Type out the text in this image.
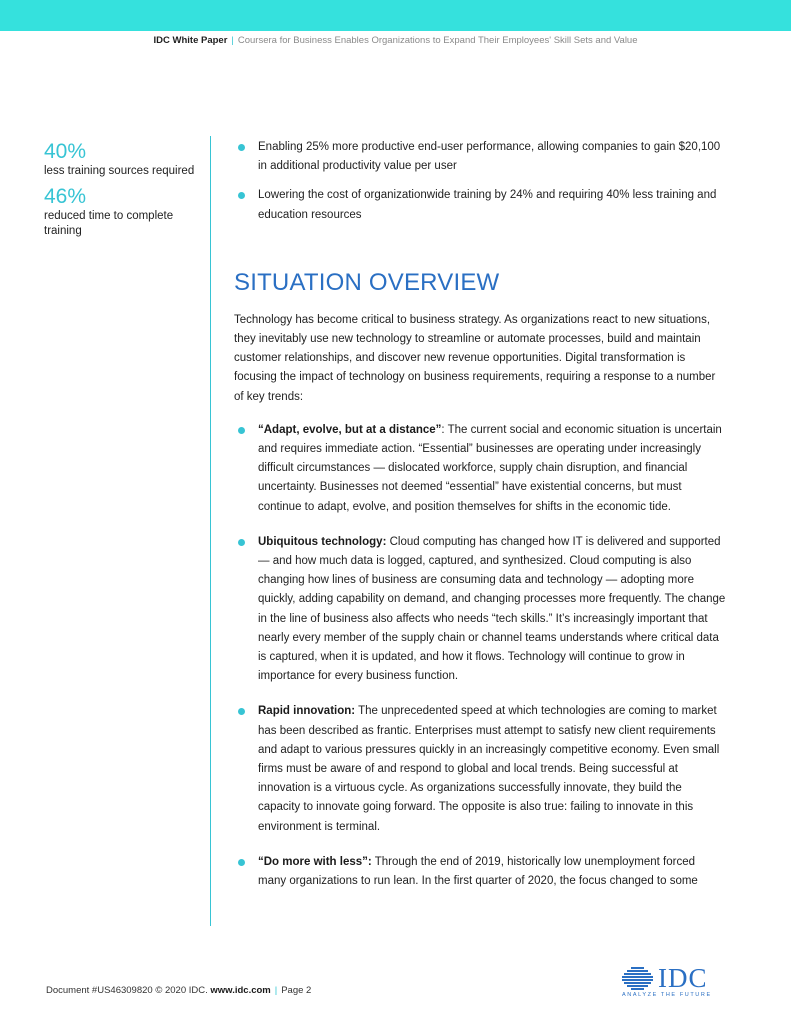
IDC White Paper | Coursera for Business Enables Organizations to Expand Their Employees' Skill Sets and Value
40%
less training sources required
46%
reduced time to complete training
Enabling 25% more productive end-user performance, allowing companies to gain $20,100 in additional productivity value per user
Lowering the cost of organizationwide training by 24% and requiring 40% less training and education resources
SITUATION OVERVIEW

Technology has become critical to business strategy. As organizations react to new situations, they inevitably use new technology to streamline or automate processes, build and maintain customer relationships, and discover new revenue opportunities. Digital transformation is focusing the impact of technology on business requirements, requiring a response to a number of key trends:

“Adapt, evolve, but at a distance”: The current social and economic situation is uncertain and requires immediate action. “Essential” businesses are operating under increasingly difficult circumstances — dislocated workforce, supply chain disruption, and financial uncertainty. Businesses not deemed “essential” have existential concerns, but must continue to adapt, evolve, and position themselves for shifts in the economic tide.
Ubiquitous technology: Cloud computing has changed how IT is delivered and supported — and how much data is logged, captured, and synthesized. Cloud computing is also changing how lines of business are consuming data and technology — adopting more quickly, adding capability on demand, and changing processes more frequently. The change in the line of business also affects who needs “tech skills.” It’s increasingly important that nearly every member of the supply chain or channel teams understands where critical data is captured, when it is updated, and how it flows. Technology will continue to grow in importance for every business function.
Rapid innovation: The unprecedented speed at which technologies are coming to market has been described as frantic. Enterprises must attempt to satisfy new client requirements and adapt to various pressures quickly in an increasingly competitive economy. Even small firms must be aware of and respond to global and local trends. Being successful at innovation is a virtuous cycle. As organizations successfully innovate, they build the capacity to innovate going forward. The opposite is also true: failing to innovate in this environment is terminal.
“Do more with less”: Through the end of 2019, historically low unemployment forced many organizations to run lean. In the first quarter of 2020, the focus changed to some
Document #US46309820 © 2020 IDC. www.idc.com | Page 2	IDC
ANALYZE THE FUTURE
